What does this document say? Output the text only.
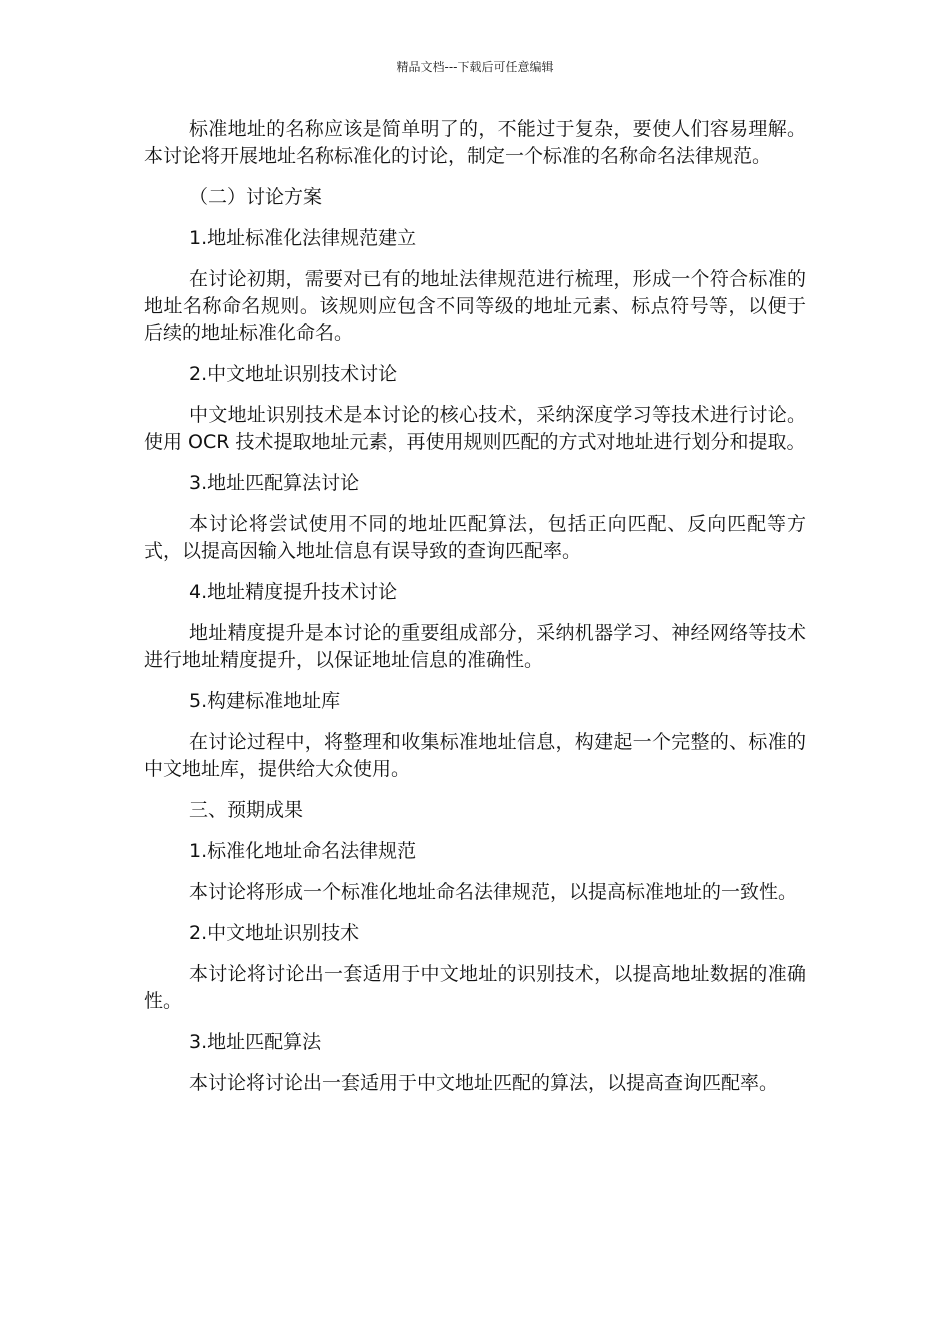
精品文档---下载后可任意编辑

标准地址的名称应该是简单明了的，不能过于复杂，要使人们容易理解。本讨论将开展地址名称标准化的讨论，制定一个标准的名称命名法律规范。

（二）讨论方案

1.地址标准化法律规范建立

在讨论初期，需要对已有的地址法律规范进行梳理，形成一个符合标准的地址名称命名规则。该规则应包含不同等级的地址元素、标点符号等，以便于后续的地址标准化命名。

2.中文地址识别技术讨论

中文地址识别技术是本讨论的核心技术，采纳深度学习等技术进行讨论。使用 OCR 技术提取地址元素，再使用规则匹配的方式对地址进行划分和提取。

3.地址匹配算法讨论

本讨论将尝试使用不同的地址匹配算法，包括正向匹配、反向匹配等方式，以提高因输入地址信息有误导致的查询匹配率。

4.地址精度提升技术讨论

地址精度提升是本讨论的重要组成部分，采纳机器学习、神经网络等技术进行地址精度提升，以保证地址信息的准确性。

5.构建标准地址库

在讨论过程中，将整理和收集标准地址信息，构建起一个完整的、标准的中文地址库，提供给大众使用。

三、预期成果

1.标准化地址命名法律规范

本讨论将形成一个标准化地址命名法律规范，以提高标准地址的一致性。

2.中文地址识别技术

本讨论将讨论出一套适用于中文地址的识别技术，以提高地址数据的准确性。

3.地址匹配算法

本讨论将讨论出一套适用于中文地址匹配的算法，以提高查询匹配率。
